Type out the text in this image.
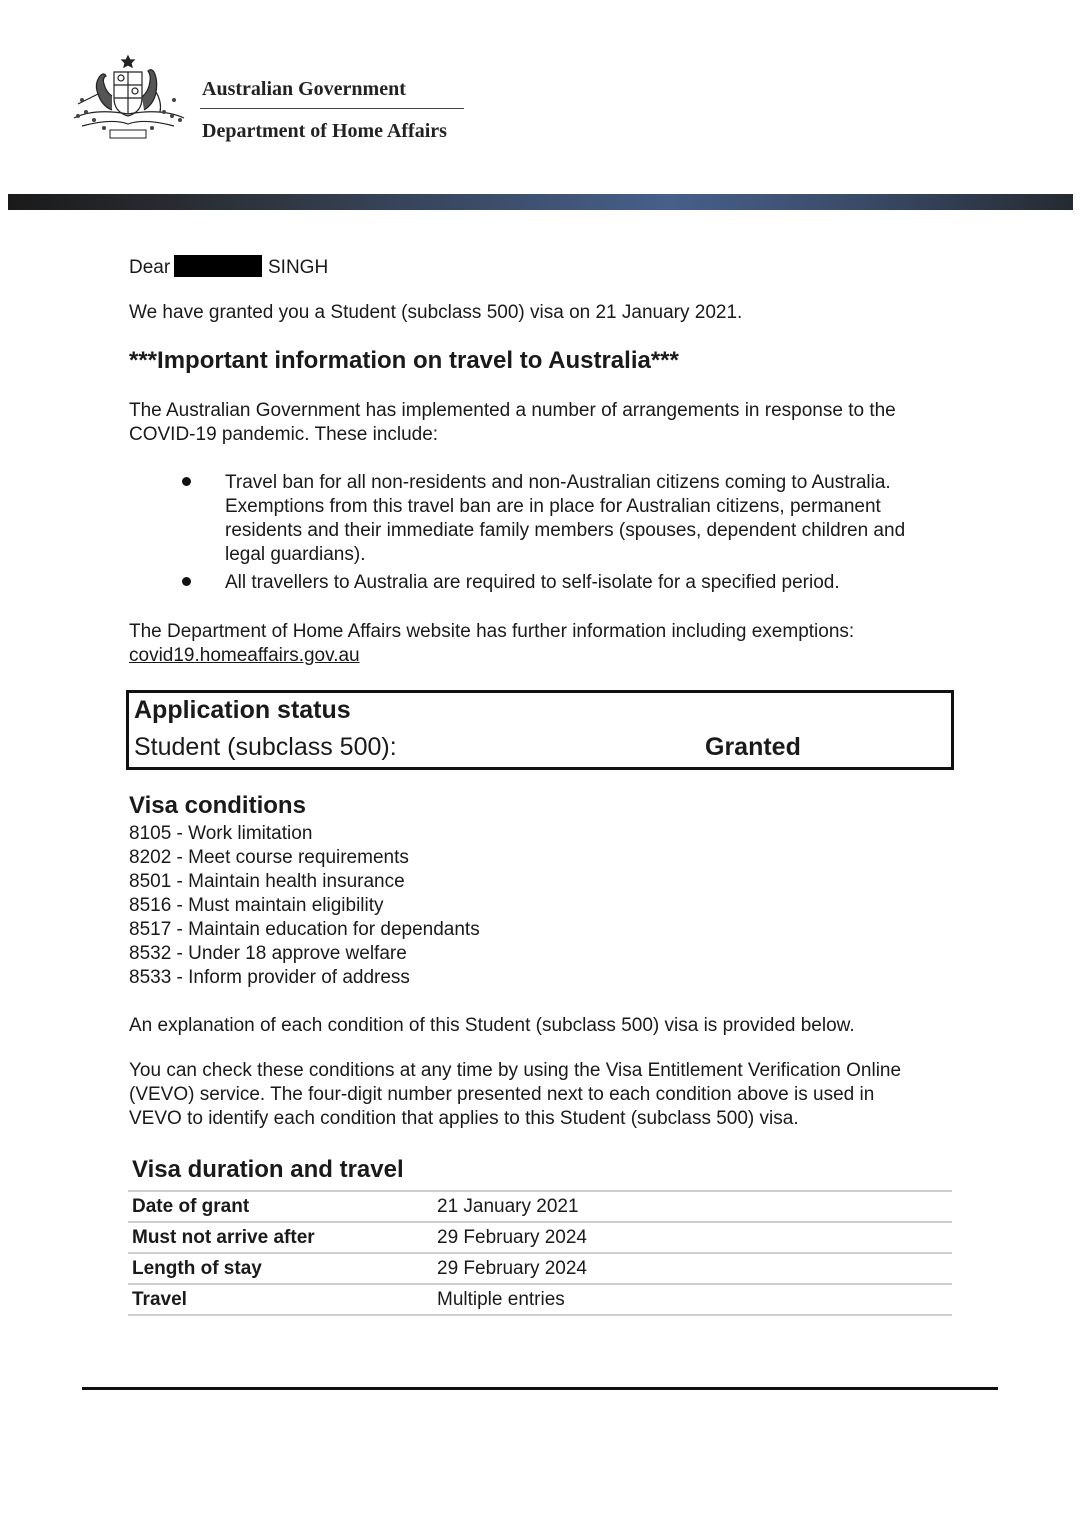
Australian Government
Department of Home Affairs
Dear	SINGH
We have granted you a Student (subclass 500) visa on 21 January 2021.
***Important information on travel to Australia***
The Australian Government has implemented a number of arrangements in response to the
COVID-19 pandemic. These include:
Travel ban for all non-residents and non-Australian citizens coming to Australia.
Exemptions from this travel ban are in place for Australian citizens, permanent
residents and their immediate family members (spouses, dependent children and
legal guardians).
All travellers to Australia are required to self-isolate for a specified period.
The Department of Home Affairs website has further information including exemptions:
covid19.homeaffairs.gov.au
Application status
Student (subclass 500):	Granted
Visa conditions
8105 - Work limitation
8202 - Meet course requirements
8501 - Maintain health insurance
8516 - Must maintain eligibility
8517 - Maintain education for dependants
8532 - Under 18 approve welfare
8533 - Inform provider of address
An explanation of each condition of this Student (subclass 500) visa is provided below.
You can check these conditions at any time by using the Visa Entitlement Verification Online
(VEVO) service. The four-digit number presented next to each condition above is used in
VEVO to identify each condition that applies to this Student (subclass 500) visa.
Visa duration and travel
Date of grant	21 January 2021
Must not arrive after	29 February 2024
Length of stay	29 February 2024
Travel	Multiple entries
